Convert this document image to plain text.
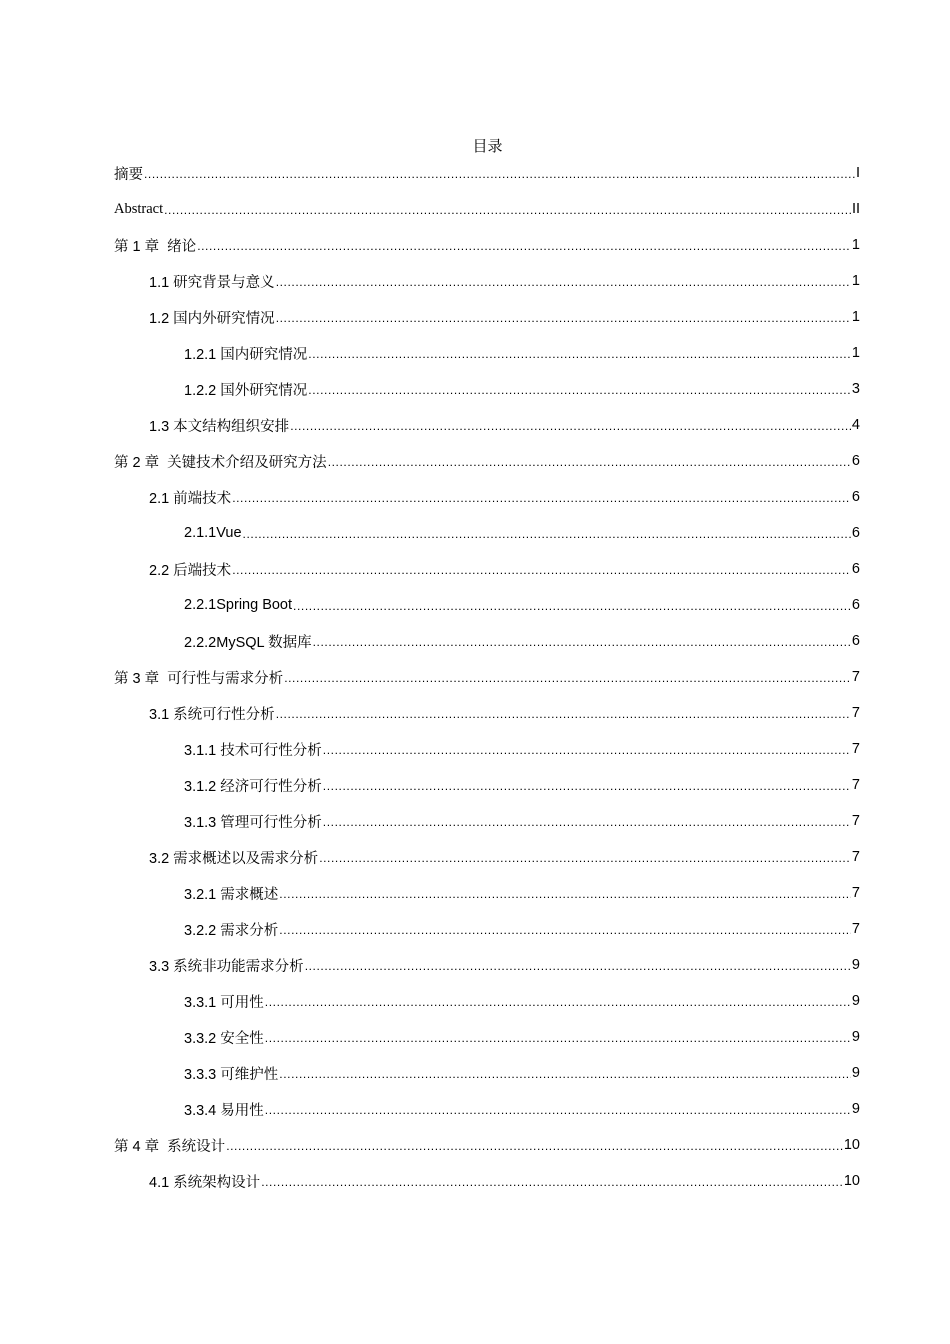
目录
摘要 .....	I
Abstract .....	II
第 1 章  绪论 .....	1
1.1 研究背景与意义 .....	1
1.2 国内外研究情况 .....	1
1.2.1 国内研究情况 .....	1
1.2.2 国外研究情况 .....	3
1.3 本文结构组织安排 .....	4
第 2 章  关键技术介绍及研究方法 .....	6
2.1 前端技术 .....	6
2.1.1Vue .....	6
2.2 后端技术 .....	6
2.2.1Spring Boot .....	6
2.2.2MySQL 数据库 .....	6
第 3 章  可行性与需求分析 .....	7
3.1 系统可行性分析 .....	7
3.1.1 技术可行性分析 .....	7
3.1.2 经济可行性分析 .....	7
3.1.3 管理可行性分析 .....	7
3.2 需求概述以及需求分析 .....	7
3.2.1 需求概述 .....	7
3.2.2 需求分析 .....	7
3.3 系统非功能需求分析 .....	9
3.3.1 可用性 .....	9
3.3.2 安全性 .....	9
3.3.3 可维护性 .....	9
3.3.4 易用性 .....	9
第 4 章  系统设计 .....	10
4.1 系统架构设计 .....	10
